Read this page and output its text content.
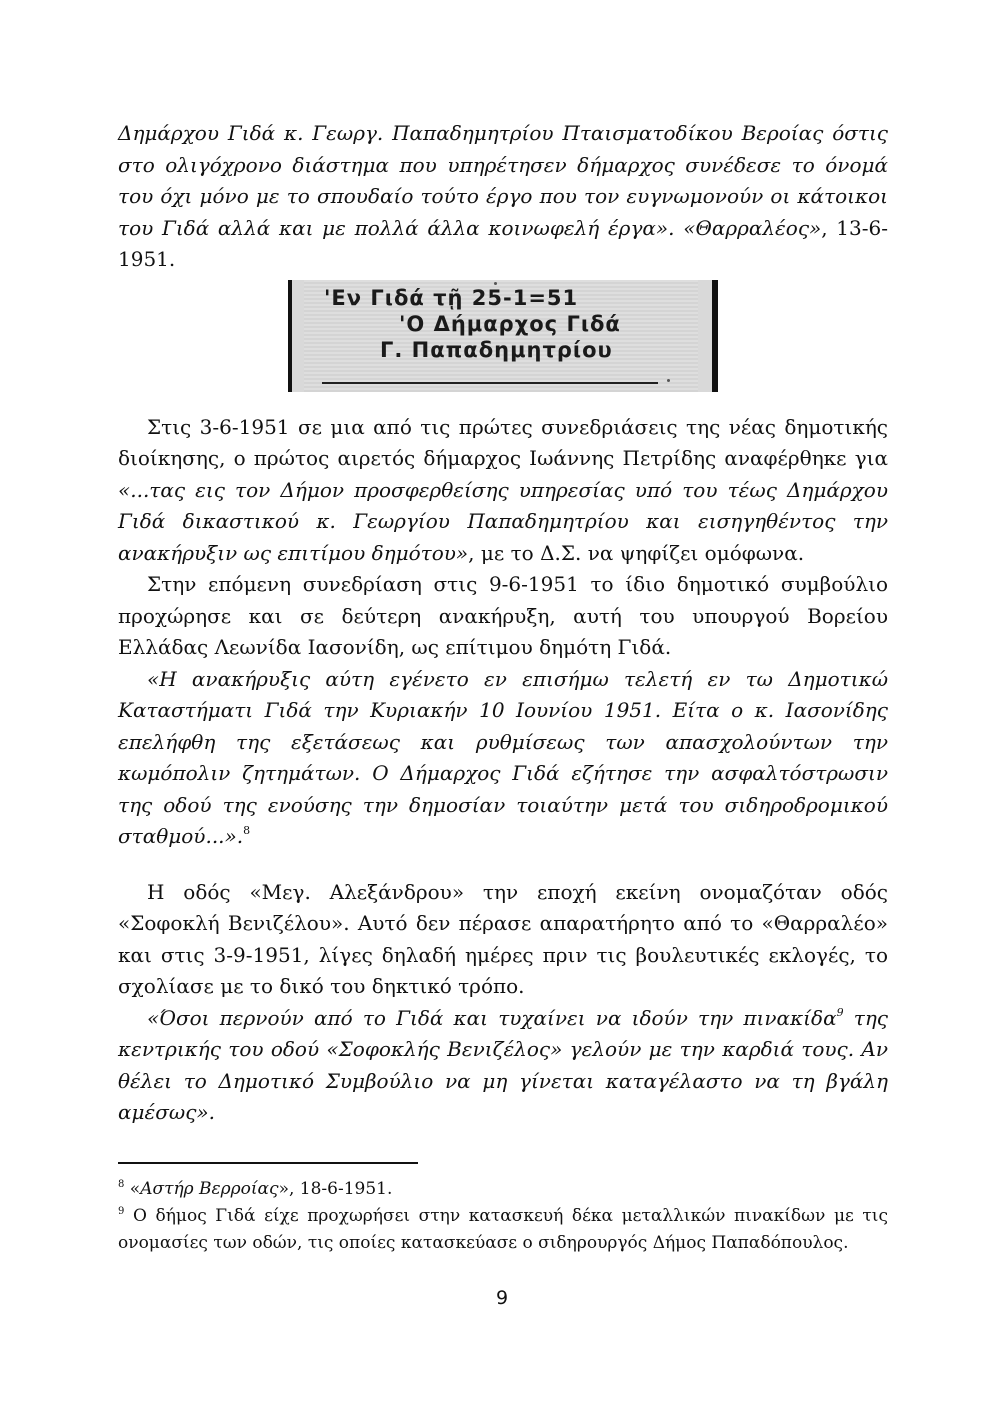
Δημάρχου Γιδά κ. Γεωργ. Παπαδημητρίου Πταισματοδίκου Βεροίας όστις στο ολιγόχρονο διάστημα που υπηρέτησεν δήμαρχος συνέδεσε το όνομά του όχι μόνο με το σπουδαίο τούτο έργο που τον ευγνωμονούν οι κάτοικοι του Γιδά αλλά και με πολλά άλλα κοινωφελή έργα». «Θαρραλέος», 13-6-1951.

'Εν Γιδά τῇ 25-1=51
'Ο Δήμαρχος Γιδά
Γ. Παπαδημητρίου

Στις 3-6-1951 σε μια από τις πρώτες συνεδριάσεις της νέας δημοτικής διοίκησης, ο πρώτος αιρετός δήμαρχος Ιωάννης Πετρίδης αναφέρθηκε για «...τας εις τον Δήμον προσφερθείσης υπηρεσίας υπό του τέως Δημάρχου Γιδά δικαστικού κ. Γεωργίου Παπαδημητρίου και εισηγηθέντος την ανακήρυξιν ως επιτίμου δημότου», με το Δ.Σ. να ψηφίζει ομόφωνα.

Στην επόμενη συνεδρίαση στις 9-6-1951 το ίδιο δημοτικό συμβούλιο προχώρησε και σε δεύτερη ανακήρυξη, αυτή του υπουργού Βορείου Ελλάδας Λεωνίδα Ιασονίδη, ως επίτιμου δημότη Γιδά.

«Η ανακήρυξις αύτη εγένετο εν επισήμω τελετή εν τω Δημοτικώ Καταστήματι Γιδά την Κυριακήν 10 Ιουνίου 1951. Είτα ο κ. Ιασονίδης επελήφθη της εξετάσεως και ρυθμίσεως των απασχολούντων την κωμόπολιν ζητημάτων. Ο Δήμαρχος Γιδά εζήτησε την ασφαλτόστρωσιν της οδού της ενούσης την δημοσίαν τοιαύτην μετά του σιδηροδρομικού σταθμού...».$^8$

Η οδός «Μεγ. Αλεξάνδρου» την εποχή εκείνη ονομαζόταν οδός «Σοφοκλή Βενιζέλου». Αυτό δεν πέρασε απαρατήρητο από το «Θαρραλέο» και στις 3-9-1951, λίγες δηλαδή ημέρες πριν τις βουλευτικές εκλογές, το σχολίασε με το δικό του δηκτικό τρόπο.

«Όσοι περνούν από το Γιδά και τυχαίνει να ιδούν την πινακίδα$^9$ της κεντρικής του οδού «Σοφοκλής Βενιζέλος» γελούν με την καρδιά τους. Αν θέλει το Δημοτικό Συμβούλιο να μη γίνεται καταγέλαστο να τη βγάλη αμέσως».

$^8$ «Αστήρ Βερροίας», 18-6-1951.

$^9$ Ο δήμος Γιδά είχε προχωρήσει στην κατασκευή δέκα μεταλλικών πινακίδων με τις ονομασίες των οδών, τις οποίες κατασκεύασε ο σιδηρουργός Δήμος Παπαδόπουλος.

9
